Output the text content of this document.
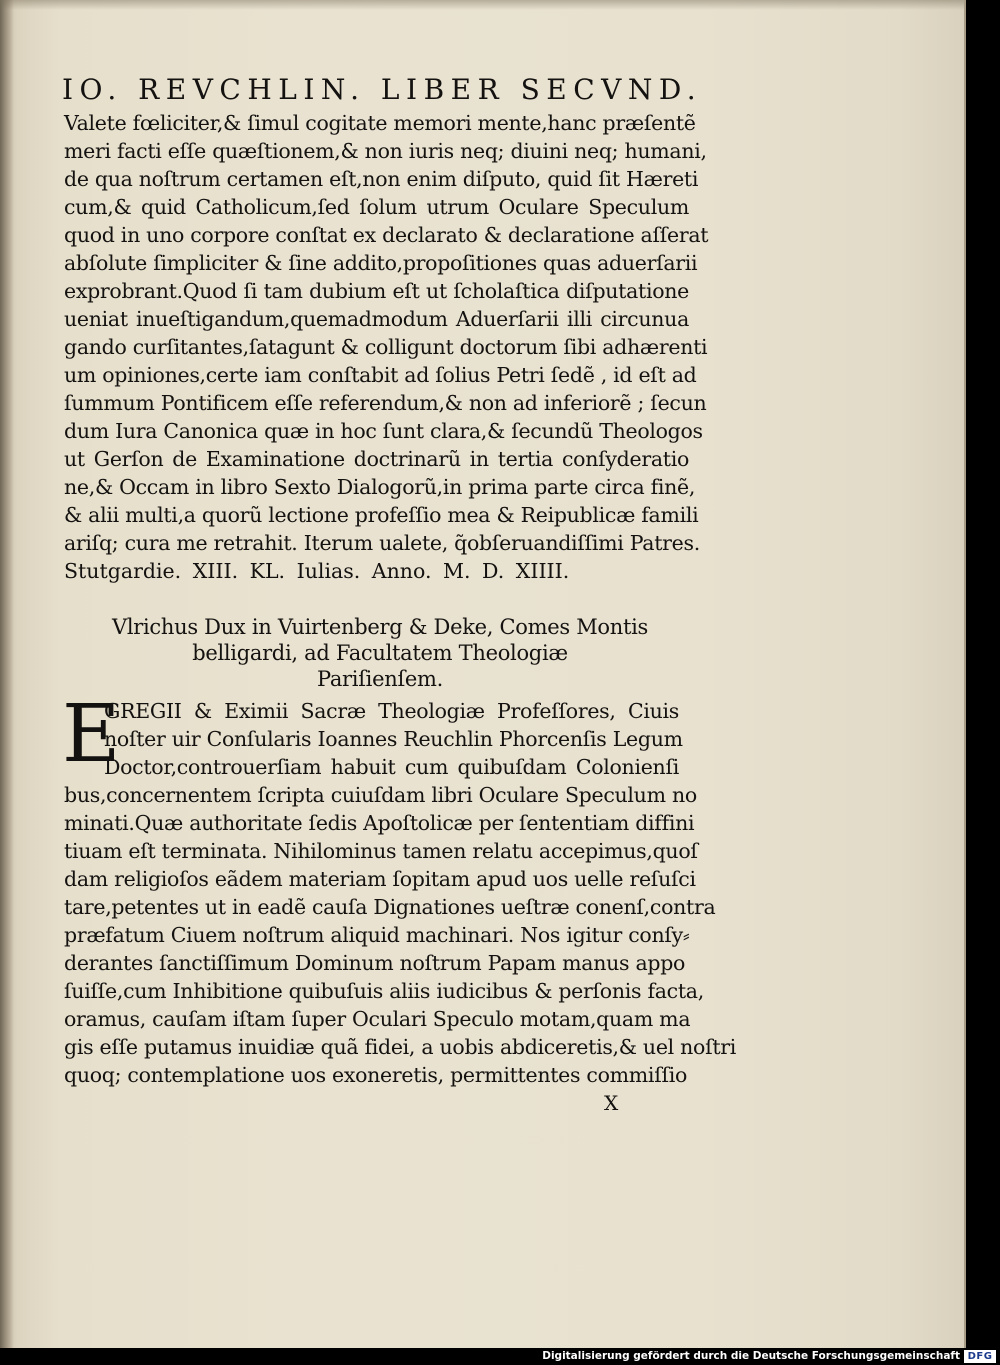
IO. REVCHLIN. LIBER SECVND.
Valete fœliciter,& ſimul cogitate memori mente,hanc præſentẽ
meri facti eſſe quæſtionem,& non iuris neq; diuini neq; humani,
de qua noſtrum certamen eſt,non enim diſputo, quid ſit Hæreti
cum,& quid Catholicum,ſed ſolum utrum Oculare Speculum
quod in uno corpore conſtat ex declarato & declaratione aſſerat
abſolute ſimpliciter & ſine addito,propoſitiones quas aduerſarii
exprobrant.Quod ſi tam dubium eſt ut ſcholaſtica diſputatione
ueniat inueſtigandum,quemadmodum Aduerſarii illi circunua
gando curſitantes,ſatagunt & colligunt doctorum ſibi adhærenti
um opiniones,certe iam conſtabit ad ſolius Petri ſedẽ , id eſt ad
ſummum Pontificem eſſe referendum,& non ad inferiorẽ ; ſecun
dum Iura Canonica quæ in hoc ſunt clara,& ſecundũ Theologos
ut Gerſon de Examinatione doctrinarũ in tertia conſyderatio
ne,& Occam in libro Sexto Dialogorũ,in prima parte circa finẽ,
& alii multi,a quorũ lectione profeſſio mea & Reipublicæ famili
ariſq; cura me retrahit. Iterum ualete, q̃obſeruandiſſimi Patres.
Stutgardie. XIII. KL. Iulias. Anno. M. D. XIIII.
Vlrichus Dux in Vuirtenberg & Deke, Comes Montis
belligardi, ad Facultatem Theologiæ
Pariſienſem.
E
GREGII & Eximii Sacræ Theologiæ Profeſſores, Ciuis
noſter uir Conſularis Ioannes Reuchlin Phorcenſis Legum
Doctor,controuerſiam habuit cum quibuſdam Colonienſi
bus,concernentem ſcripta cuiuſdam libri Oculare Speculum no
minati.Quæ authoritate ſedis Apoſtolicæ per ſententiam diffini
tiuam eſt terminata. Nihilominus tamen relatu accepimus,quoſ
dam religioſos eãdem materiam ſopitam apud uos uelle reſuſci
tare,petentes ut in eadẽ cauſa Dignationes ueſtræ conenſ,contra
præfatum Ciuem noſtrum aliquid machinari. Nos igitur conſy⸗
derantes ſanctiſſimum Dominum noſtrum Papam manus appo
ſuiſſe,cum Inhibitione quibuſuis aliis iudicibus & perſonis facta,
oramus, cauſam iſtam ſuper Oculari Speculo motam,quam ma
gis eſſe putamus inuidiæ quã fidei, a uobis abdiceretis,& uel noſtri
quoq; contemplatione uos exoneretis, permittentes commiſſio
X
Digitalisierung gefördert durch die Deutsche Forschungsgemeinschaft DFG
